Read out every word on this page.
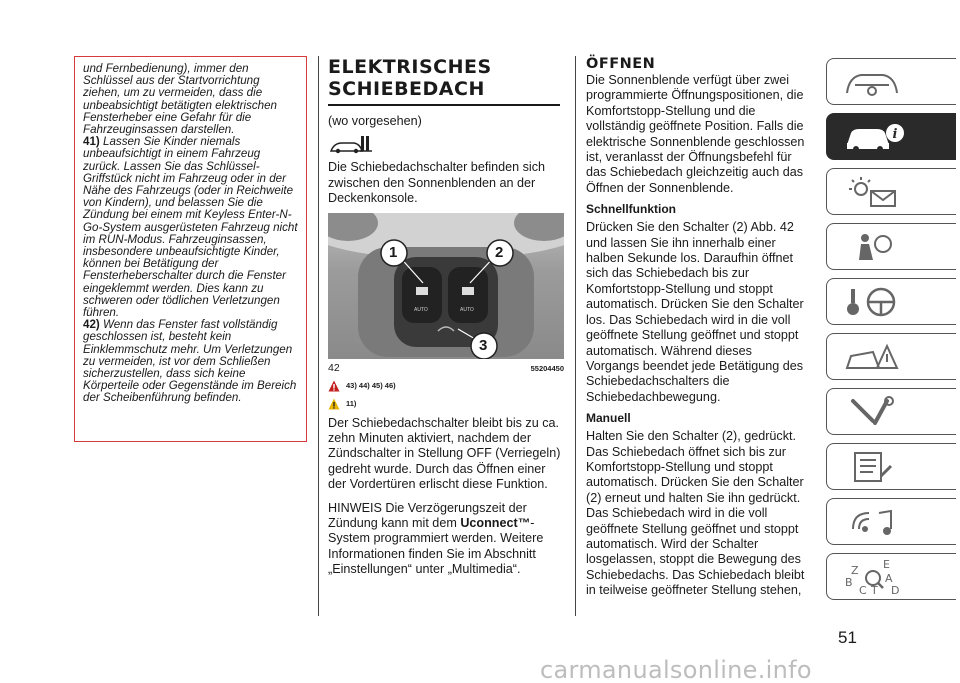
und Fernbedienung), immer den Schlüssel aus der Startvorrichtung ziehen, um zu vermeiden, dass die unbeabsichtigt betätigten elektrischen Fensterheber eine Gefahr für die Fahrzeuginsassen darstellen.

41) Lassen Sie Kinder niemals unbeaufsichtigt in einem Fahrzeug zurück. Lassen Sie das Schlüssel-Griffstück nicht im Fahrzeug oder in der Nähe des Fahrzeugs (oder in Reichweite von Kindern), und belassen Sie die Zündung bei einem mit Keyless Enter-N-Go-System ausgerüsteten Fahrzeug nicht im RUN-Modus. Fahrzeuginsassen, insbesondere unbeaufsichtigte Kinder, können bei Betätigung der Fensterheberschalter durch die Fenster eingeklemmt werden. Dies kann zu schweren oder tödlichen Verletzungen führen.

42) Wenn das Fenster fast vollständig geschlossen ist, besteht kein Einklemmschutz mehr. Um Verletzungen zu vermeiden, ist vor dem Schließen sicherzustellen, dass sich keine Körperteile oder Gegenstände im Bereich der Scheibenführung befinden.

ELEKTRISCHES
SCHIEBEDACH
(wo vorgesehen)
Die Schiebedachschalter befinden sich zwischen den Sonnenblenden an der Deckenkonsole.
1	2
3
AUTO	AUTO
42	55204450
43) 44) 45) 46)
11)
Der Schiebedachschalter bleibt bis zu ca. zehn Minuten aktiviert, nachdem der Zündschalter in Stellung OFF (Verriegeln) gedreht wurde. Durch das Öffnen einer der Vordertüren erlischt diese Funktion.
HINWEIS Die Verzögerungszeit der Zündung kann mit dem Uconnect™-System programmiert werden. Weitere Informationen finden Sie im Abschnitt „Einstellungen“ unter „Multimedia“.
ÖFFNEN
Die Sonnenblende verfügt über zwei programmierte Öffnungspositionen, die Komfortstopp-Stellung und die vollständig geöffnete Position. Falls die elektrische Sonnenblende geschlossen ist, veranlasst der Öffnungsbefehl für das Schiebedach gleichzeitig auch das Öffnen der Sonnenblende.
Schnellfunktion
Drücken Sie den Schalter (2) Abb. 42 und lassen Sie ihn innerhalb einer halben Sekunde los. Daraufhin öffnet sich das Schiebedach bis zur Komfortstopp-Stellung und stoppt automatisch. Drücken Sie den Schalter los. Das Schiebedach wird in die voll geöffnete Stellung geöffnet und stoppt automatisch. Während dieses Vorgangs beendet jede Betätigung des Schiebedachschalters die Schiebedachbewegung.
Manuell
Halten Sie den Schalter (2), gedrückt. Das Schiebedach öffnet sich bis zur Komfortstopp-Stellung und stoppt automatisch. Drücken Sie den Schalter (2) erneut und halten Sie ihn gedrückt. Das Schiebedach wird in die voll geöffnete Stellung geöffnet und stoppt automatisch. Wird der Schalter losgelassen, stoppt die Bewegung des Schiebedachs. Das Schiebedach bleibt in teilweise geöffneter Stellung stehen,
i
Z E
B	A
C D
T
51
carmanualsonline.info
